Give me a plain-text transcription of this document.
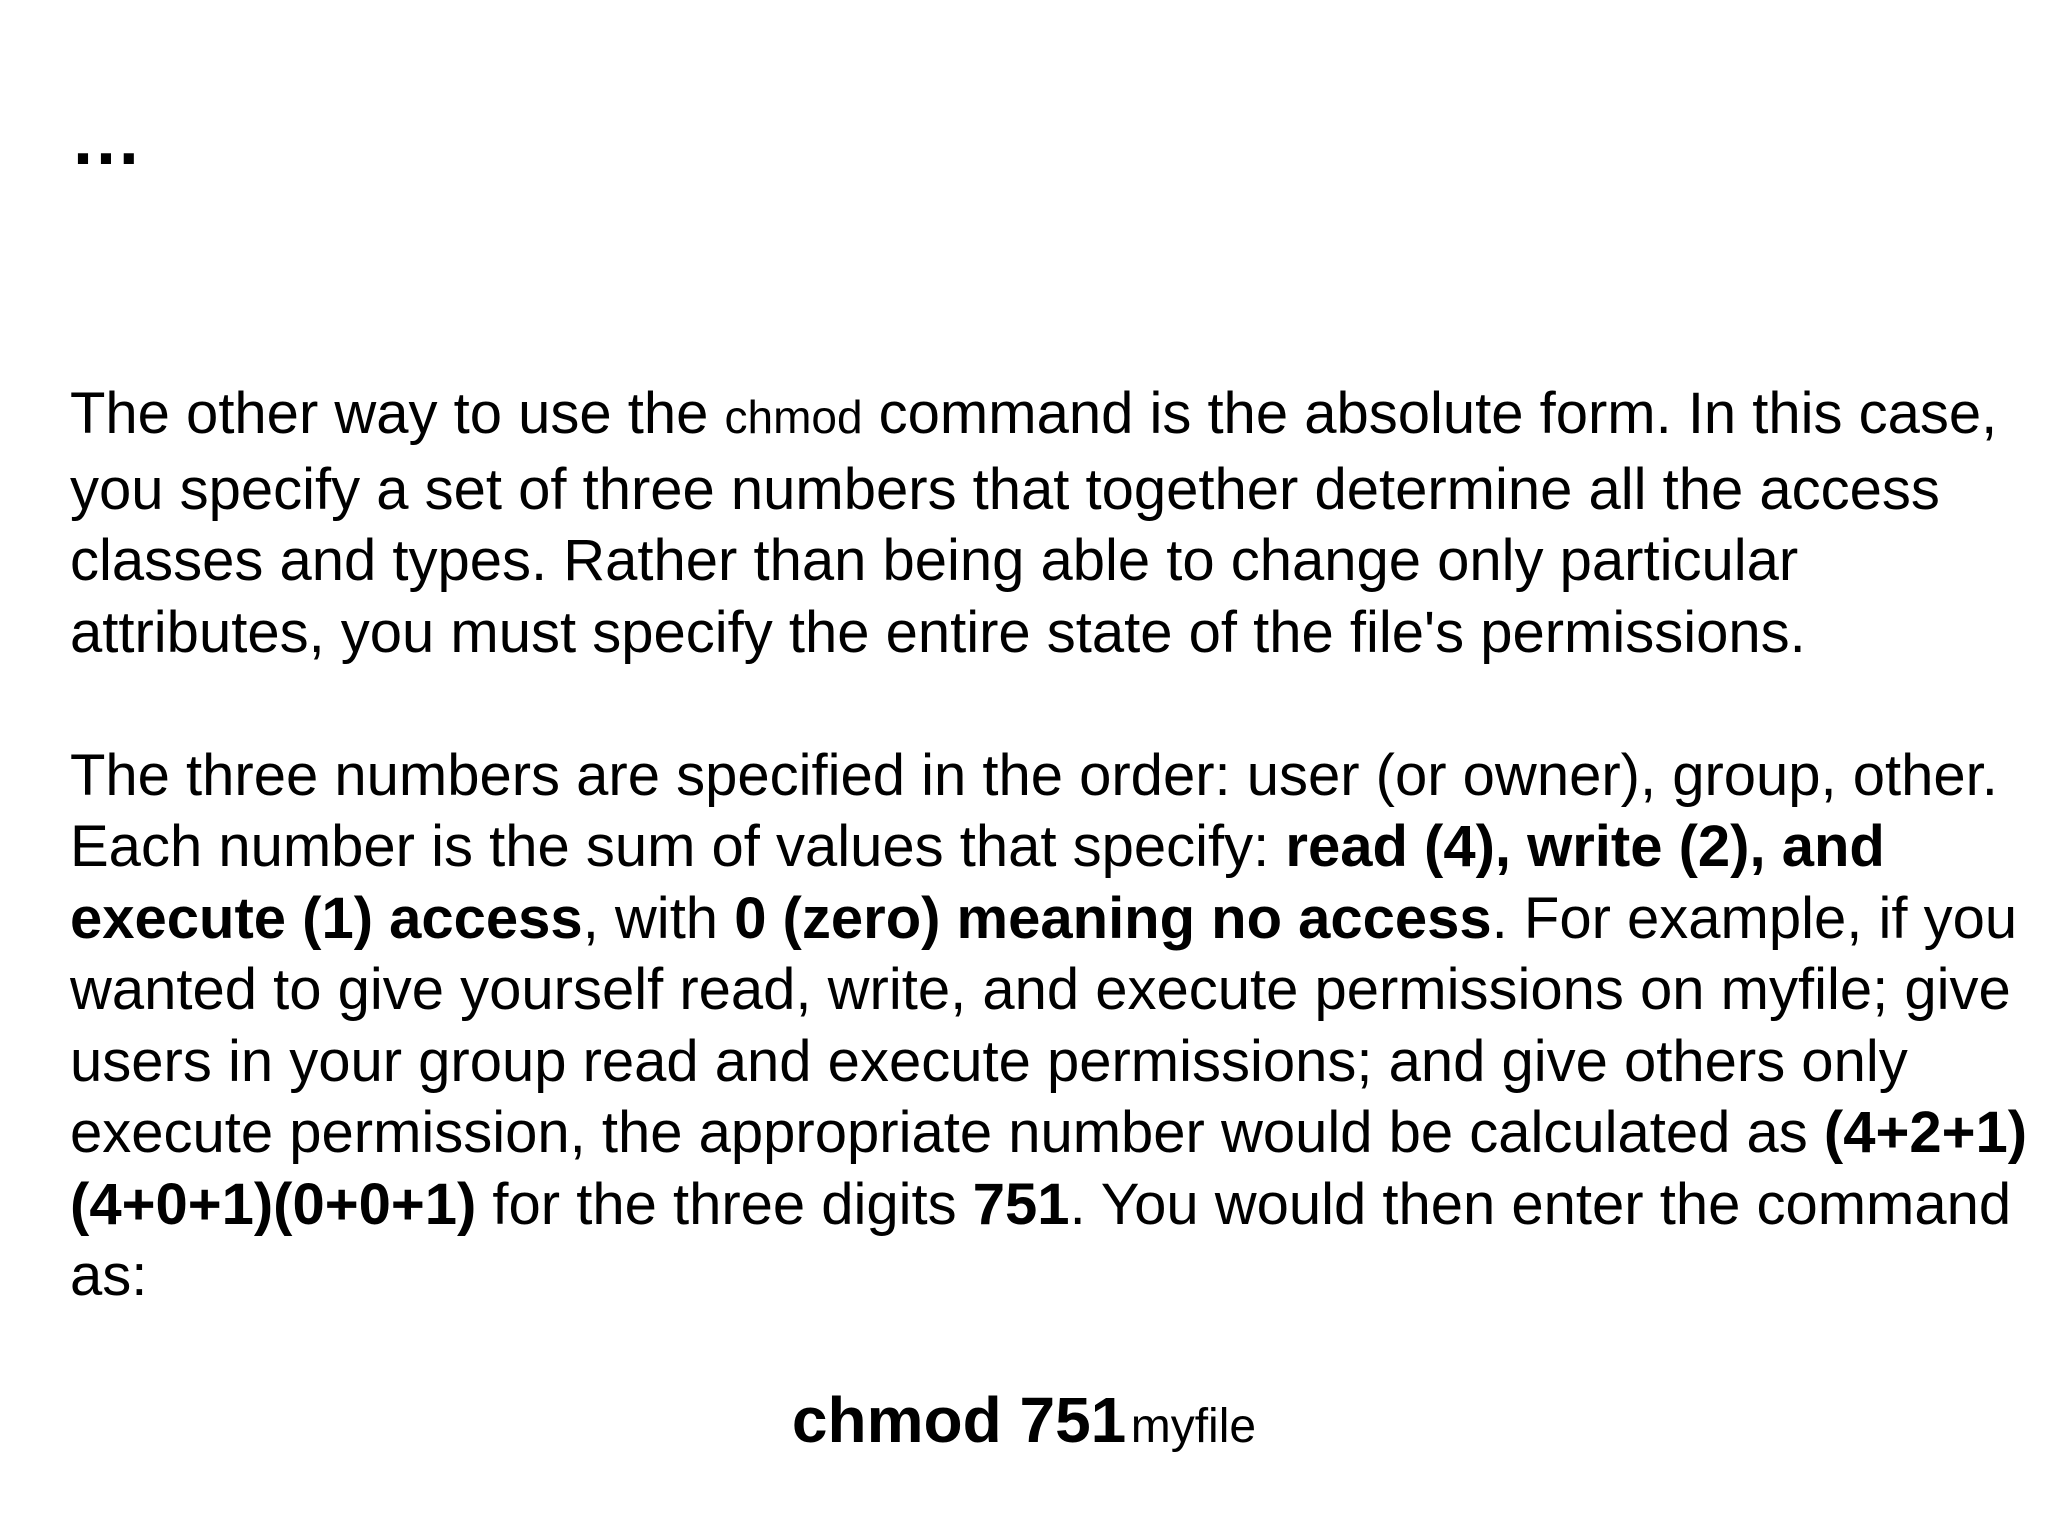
…

The other way to use the chmod command is the absolute form. In this case, you specify a set of three numbers that together determine all the access classes and types. Rather than being able to change only particular attributes, you must specify the entire state of the file's permissions.

The three numbers are specified in the order: user (or owner), group, other. Each number is the sum of values that specify: read (4), write (2), and execute (1) access, with 0 (zero) meaning no access. For example, if you wanted to give yourself read, write, and execute permissions on myfile; give users in your group read and execute permissions; and give others only execute permission, the appropriate number would be calculated as (4+2+1)(4+0+1)(0+0+1) for the three digits 751. You would then enter the command as:

chmod 751 myfile
